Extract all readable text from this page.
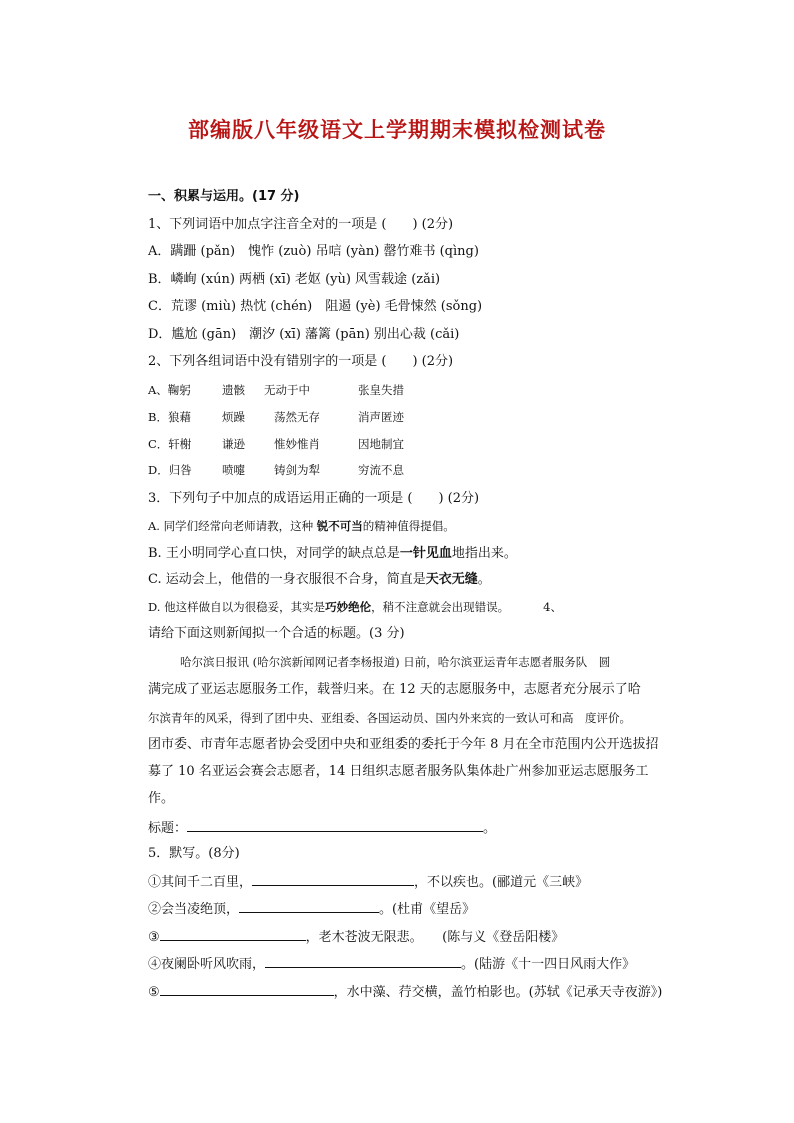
部编版八年级语文上学期期末模拟检测试卷
一、积累与运用。(17 分)
1、下列词语中加点字注音全对的一项是 (　　) (2分)
A．蹒跚 (pǎn)　愧怍 (zuò) 吊唁 (yàn) 罄竹难书 (qìng)
B．嶙峋 (xún) 两栖 (xī) 老妪 (yù) 风雪载途 (zǎi)
C．荒谬 (miù) 热忱 (chén)　阻遏 (yè) 毛骨悚然 (sǒng)
D．尴尬 (gān)　潮汐 (xī) 藩篱 (pān) 别出心裁 (cǎi)
2、下列各组词语中没有错别字的一项是 (　　) (2分)
A、鞠躬	遗骸 无动于中	张皇失措
B．狼藉	烦躁	荡然无存	消声匿迹
C．轩榭	谦逊	惟妙惟肖	因地制宜
D．归咎	喷嚏	铸剑为犁	穷流不息
3．下列句子中加点的成语运用正确的一项是 (　　) (2分)
A. 同学们经常向老师请教，这种 锐不可当的精神值得提倡。
B. 王小明同学心直口快，对同学的缺点总是一针见血地指出来。
C. 运动会上，他借的一身衣服很不合身，简直是天衣无缝。
D. 他这样做自以为很稳妥，其实是巧妙绝伦，稍不注意就会出现错误。	4、
请给下面这则新闻拟一个合适的标题。(3 分)
哈尔滨日报讯 (哈尔滨新闻网记者李杨报道) 日前，哈尔滨亚运青年志愿者服务队　圆
满完成了亚运志愿服务工作，载誉归来。在 12 天的志愿服务中，志愿者充分展示了哈
尔滨青年的风采，得到了团中央、亚组委、各国运动员、国内外来宾的一致认可和高　度评价。
团市委、市青年志愿者协会受团中央和亚组委的委托于今年 8 月在全市范围内公开选拔招
募了 10 名亚运会赛会志愿者，14 日组织志愿者服务队集体赴广州参加亚运志愿服务工
作。
标题：	。
5．默写。(8分)
①其间千二百里，	，不以疾也。(郦道元《三峡》
②会当凌绝顶，	。(杜甫《望岳》
③	，老木苍波无限悲。　　(陈与义《登岳阳楼》
④夜阑卧听风吹雨，	。(陆游《十一四日风雨大作》
⑤	，水中藻、荇交横，盖竹柏影也。(苏轼《记承天寺夜游》)
